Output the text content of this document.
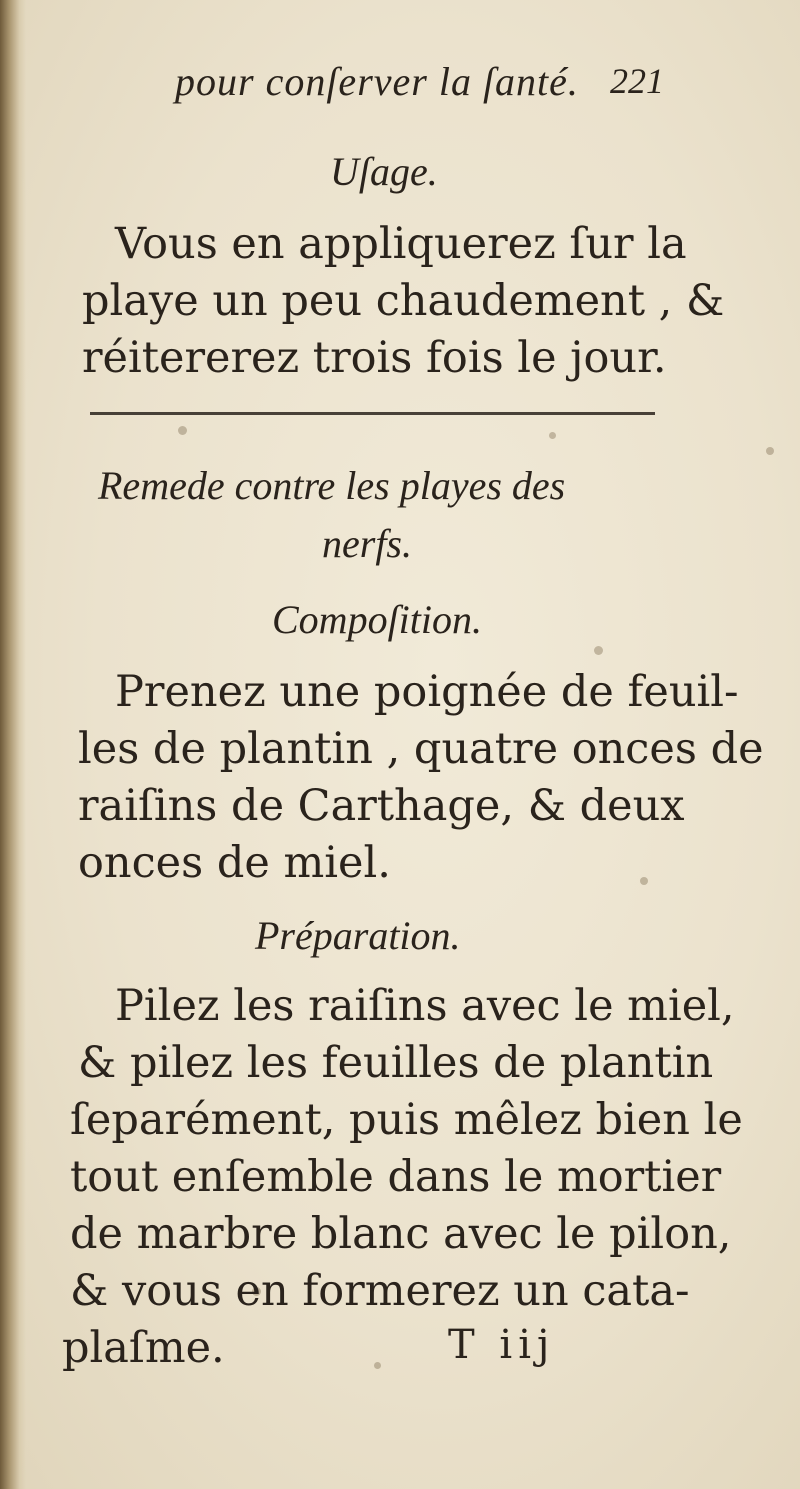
pour conſerver la ſanté. 221
Uſage.
Vous en appliquerez ſur la
playe un peu chaudement , &
réitererez trois fois le jour.
Remede contre les playes des
nerfs.
Compoſition.
Prenez une poignée de feuil-
les de plantin , quatre onces de
raiſins de Carthage, & deux
onces de miel.
Préparation.
Pilez les raiſins avec le miel,
& pilez les feuilles de plantin
ſeparément, puis mêlez bien le
tout enſemble dans le mortier
de marbre blanc avec le pilon,
& vous en formerez un cata-
plaſme.	T iij
